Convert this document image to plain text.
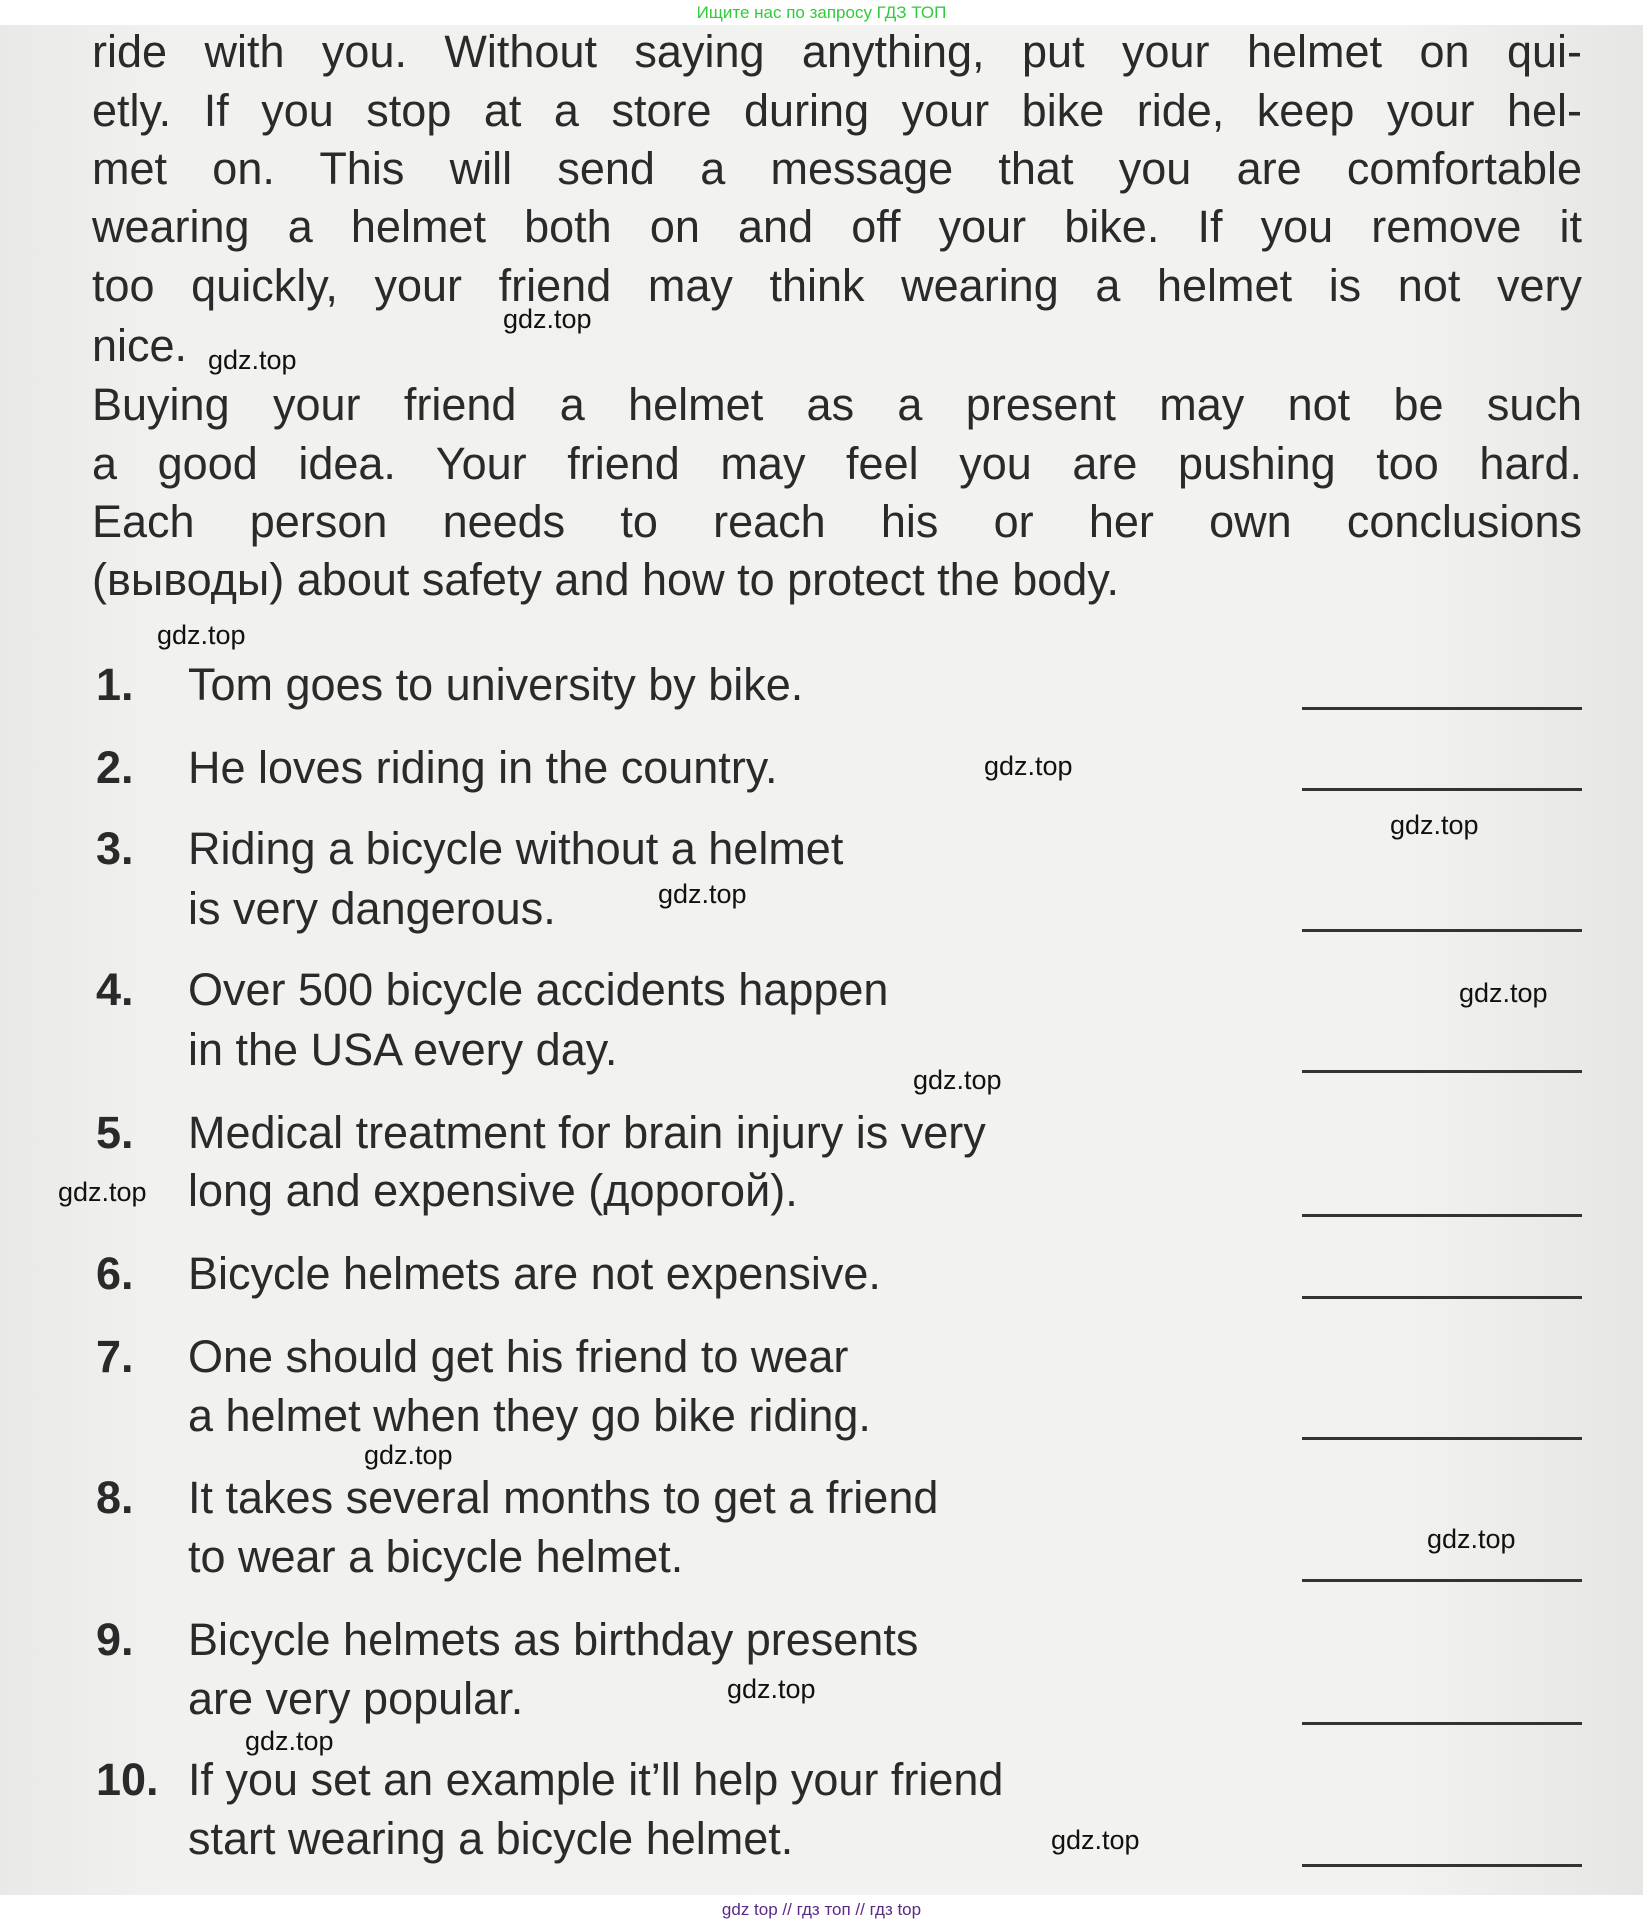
Ищите нас по запросу ГДЗ ТОП
ride with you. Without saying anything, put your helmet on qui-
etly. If you stop at a store during your bike ride, keep your hel-
met on. This will send a message that you are comfortable
wearing a helmet both on and off your bike. If you remove it
too quickly, your friend may think wearing a helmet is not very
nice.
Buying your friend a helmet as a present may not be such
a good idea. Your friend may feel you are pushing too hard.
Each person needs to reach his or her own conclusions
(выводы) about safety and how to protect the body.
1. Tom goes to university by bike.
2. He loves riding in the country.
3. Riding a bicycle without a helmet
is very dangerous.
4. Over 500 bicycle accidents happen
in the USA every day.
5. Medical treatment for brain injury is very
long and expensive (дорогой).
6. Bicycle helmets are not expensive.
7. One should get his friend to wear
a helmet when they go bike riding.
8. It takes several months to get a friend
to wear a bicycle helmet.
9. Bicycle helmets as birthday presents
are very popular.
10. If you set an example it’ll help your friend
start wearing a bicycle helmet.
gdz.top
gdz.top
gdz.top
gdz.top
gdz.top
gdz.top
gdz.top
gdz.top
gdz.top
gdz.top
gdz.top
gdz.top
gdz.top
gdz.top
gdz top // гдз топ // гдз top
